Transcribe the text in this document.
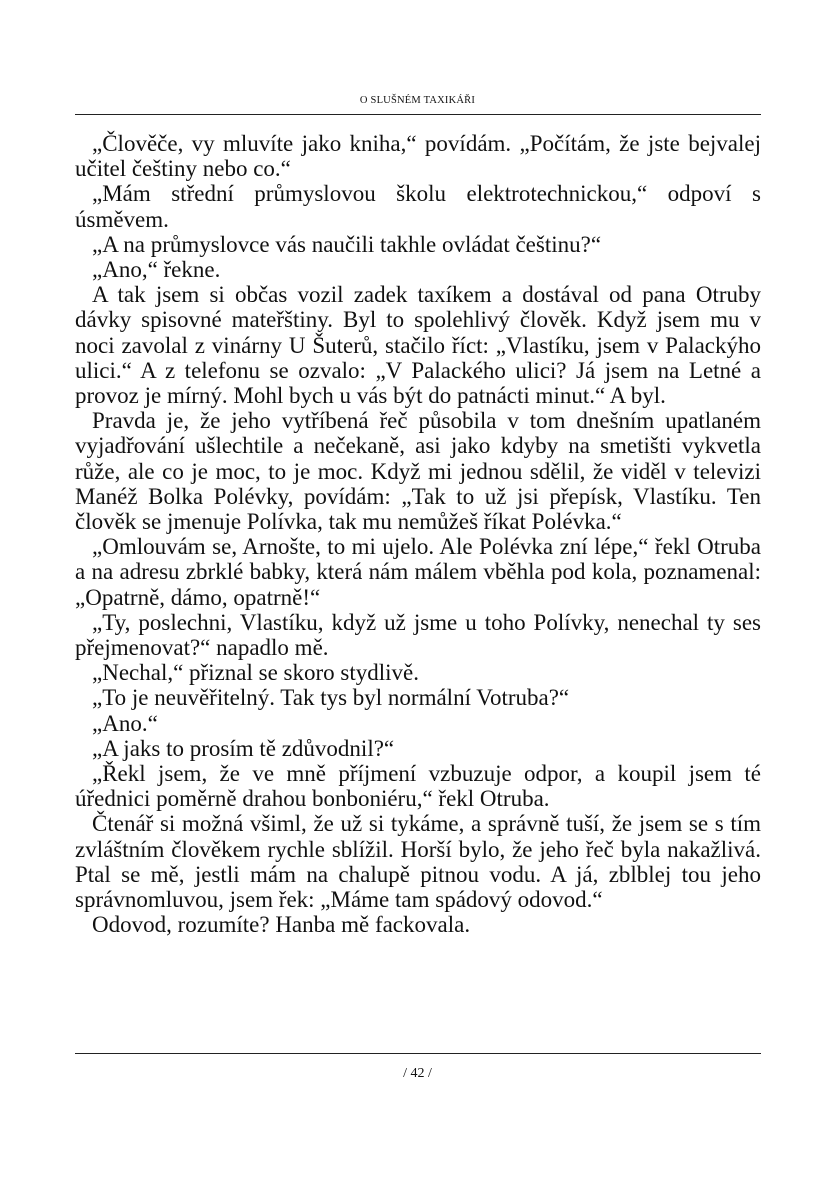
O SLUŠNÉM TAXIKÁŘI

„Člověče, vy mluvíte jako kniha,“ povídám. „Počítám, že jste bejvalej učitel češtiny nebo co.“

„Mám střední průmyslovou školu elektrotechnickou,“ odpoví s úsměvem.

„A na průmyslovce vás naučili takhle ovládat češtinu?“

„Ano,“ řekne.

A tak jsem si občas vozil zadek taxíkem a dostával od pana Otruby dávky spisovné mateřštiny. Byl to spolehlivý člověk. Když jsem mu v noci zavolal z vinárny U Šuterů, stačilo říct: „Vlastíku, jsem v Palackýho ulici.“ A z telefonu se ozvalo: „V Palackého ulici? Já jsem na Letné a provoz je mírný. Mohl bych u vás být do patnácti minut.“ A byl.

Pravda je, že jeho vytříbená řeč působila v tom dnešním upatlaném vyjadřování ušlechtile a nečekaně, asi jako kdyby na smetišti vykvetla růže, ale co je moc, to je moc. Když mi jednou sdělil, že viděl v televizi Manéž Bolka Polévky, povídám: „Tak to už jsi přepísk, Vlastíku. Ten člověk se jmenuje Polívka, tak mu nemůžeš říkat Polévka.“

„Omlouvám se, Arnošte, to mi ujelo. Ale Polévka zní lépe,“ řekl Otruba a na adresu zbrklé babky, která nám málem vběhla pod kola, poznamenal: „Opatrně, dámo, opatrně!“

„Ty, poslechni, Vlastíku, když už jsme u toho Polívky, nenechal ty ses přejmenovat?“ napadlo mě.

„Nechal,“ přiznal se skoro stydlivě.

„To je neuvěřitelný. Tak tys byl normální Votruba?“

„Ano.“

„A jaks to prosím tě zdůvodnil?“

„Řekl jsem, že ve mně příjmení vzbuzuje odpor, a koupil jsem té úřednici poměrně drahou bonboniéru,“ řekl Otruba.

Čtenář si možná všiml, že už si tykáme, a správně tuší, že jsem se s tím zvláštním člověkem rychle sblížil. Horší bylo, že jeho řeč byla nakažlivá. Ptal se mě, jestli mám na chalupě pitnou vodu. A já, zblblej tou jeho správnomluvou, jsem řek: „Máme tam spádový odovod.“

Odovod, rozumíte? Hanba mě fackovala.

/ 42 /
